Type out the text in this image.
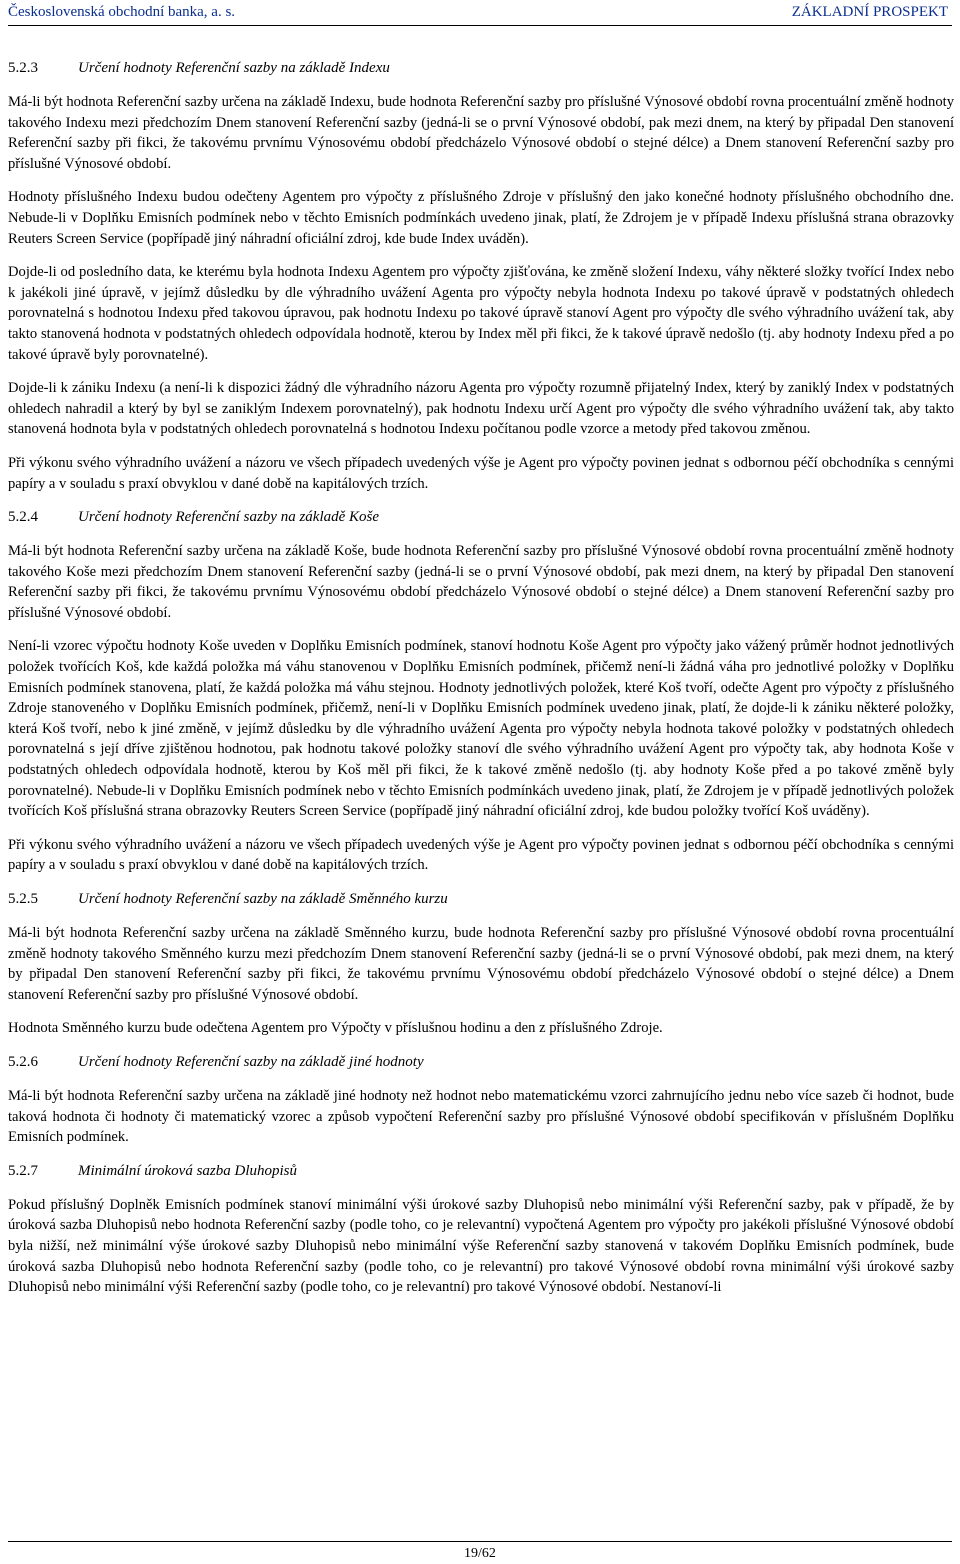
Československá obchodní banka, a. s.	ZÁKLADNÍ PROSPEKT
5.2.3	Určení hodnoty Referenční sazby na základě Indexu

Má-li být hodnota Referenční sazby určena na základě Indexu, bude hodnota Referenční sazby pro příslušné Výnosové období rovna procentuální změně hodnoty takového Indexu mezi předchozím Dnem stanovení Referenční sazby (jedná-li se o první Výnosové období, pak mezi dnem, na který by připadal Den stanovení Referenční sazby při fikci, že takovému prvnímu Výnosovému období předcházelo Výnosové období o stejné délce) a Dnem stanovení Referenční sazby pro příslušné Výnosové období.

Hodnoty příslušného Indexu budou odečteny Agentem pro výpočty z příslušného Zdroje v příslušný den jako konečné hodnoty příslušného obchodního dne. Nebude-li v Doplňku Emisních podmínek nebo v těchto Emisních podmínkách uvedeno jinak, platí, že Zdrojem je v případě Indexu příslušná strana obrazovky Reuters Screen Service (popřípadě jiný náhradní oficiální zdroj, kde bude Index uváděn).

Dojde-li od posledního data, ke kterému byla hodnota Indexu Agentem pro výpočty zjišťována, ke změně složení Indexu, váhy některé složky tvořící Index nebo k jakékoli jiné úpravě, v jejímž důsledku by dle výhradního uvážení Agenta pro výpočty nebyla hodnota Indexu po takové úpravě v podstatných ohledech porovnatelná s hodnotou Indexu před takovou úpravou, pak hodnotu Indexu po takové úpravě stanoví Agent pro výpočty dle svého výhradního uvážení tak, aby takto stanovená hodnota v podstatných ohledech odpovídala hodnotě, kterou by Index měl při fikci, že k takové úpravě nedošlo (tj. aby hodnoty Indexu před a po takové úpravě byly porovnatelné).

Dojde-li k zániku Indexu (a není-li k dispozici žádný dle výhradního názoru Agenta pro výpočty rozumně přijatelný Index, který by zaniklý Index v podstatných ohledech nahradil a který by byl se zaniklým Indexem porovnatelný), pak hodnotu Indexu určí Agent pro výpočty dle svého výhradního uvážení tak, aby takto stanovená hodnota byla v podstatných ohledech porovnatelná s hodnotou Indexu počítanou podle vzorce a metody před takovou změnou.

Při výkonu svého výhradního uvážení a názoru ve všech případech uvedených výše je Agent pro výpočty povinen jednat s odbornou péčí obchodníka s cennými papíry a v souladu s praxí obvyklou v dané době na kapitálových trzích.

5.2.4	Určení hodnoty Referenční sazby na základě Koše

Má-li být hodnota Referenční sazby určena na základě Koše, bude hodnota Referenční sazby pro příslušné Výnosové období rovna procentuální změně hodnoty takového Koše mezi předchozím Dnem stanovení Referenční sazby (jedná-li se o první Výnosové období, pak mezi dnem, na který by připadal Den stanovení Referenční sazby při fikci, že takovému prvnímu Výnosovému období předcházelo Výnosové období o stejné délce) a Dnem stanovení Referenční sazby pro příslušné Výnosové období.

Není-li vzorec výpočtu hodnoty Koše uveden v Doplňku Emisních podmínek, stanoví hodnotu Koše Agent pro výpočty jako vážený průměr hodnot jednotlivých položek tvořících Koš, kde každá položka má váhu stanovenou v Doplňku Emisních podmínek, přičemž není-li žádná váha pro jednotlivé položky v Doplňku Emisních podmínek stanovena, platí, že každá položka má váhu stejnou. Hodnoty jednotlivých položek, které Koš tvoří, odečte Agent pro výpočty z příslušného Zdroje stanoveného v Doplňku Emisních podmínek, přičemž, není-li v Doplňku Emisních podmínek uvedeno jinak, platí, že dojde-li k zániku některé položky, která Koš tvoří, nebo k jiné změně, v jejímž důsledku by dle výhradního uvážení Agenta pro výpočty nebyla hodnota takové položky v podstatných ohledech porovnatelná s její dříve zjištěnou hodnotou, pak hodnotu takové položky stanoví dle svého výhradního uvážení Agent pro výpočty tak, aby hodnota Koše v podstatných ohledech odpovídala hodnotě, kterou by Koš měl při fikci, že k takové změně nedošlo (tj. aby hodnoty Koše před a po takové změně byly porovnatelné). Nebude-li v Doplňku Emisních podmínek nebo v těchto Emisních podmínkách uvedeno jinak, platí, že Zdrojem je v případě jednotlivých položek tvořících Koš příslušná strana obrazovky Reuters Screen Service (popřípadě jiný náhradní oficiální zdroj, kde budou položky tvořící Koš uváděny).

Při výkonu svého výhradního uvážení a názoru ve všech případech uvedených výše je Agent pro výpočty povinen jednat s odbornou péčí obchodníka s cennými papíry a v souladu s praxí obvyklou v dané době na kapitálových trzích.

5.2.5	Určení hodnoty Referenční sazby na základě Směnného kurzu

Má-li být hodnota Referenční sazby určena na základě Směnného kurzu, bude hodnota Referenční sazby pro příslušné Výnosové období rovna procentuální změně hodnoty takového Směnného kurzu mezi předchozím Dnem stanovení Referenční sazby (jedná-li se o první Výnosové období, pak mezi dnem, na který by připadal Den stanovení Referenční sazby při fikci, že takovému prvnímu Výnosovému období předcházelo Výnosové období o stejné délce) a Dnem stanovení Referenční sazby pro příslušné Výnosové období.

Hodnota Směnného kurzu bude odečtena Agentem pro Výpočty v příslušnou hodinu a den z příslušného Zdroje.

5.2.6	Určení hodnoty Referenční sazby na základě jiné hodnoty

Má-li být hodnota Referenční sazby určena na základě jiné hodnoty než hodnot nebo matematickému vzorci zahrnujícího jednu nebo více sazeb či hodnot, bude taková hodnota či hodnoty či matematický vzorec a způsob vypočtení Referenční sazby pro příslušné Výnosové období specifikován v příslušném Doplňku Emisních podmínek.

5.2.7	Minimální úroková sazba Dluhopisů

Pokud příslušný Doplněk Emisních podmínek stanoví minimální výši úrokové sazby Dluhopisů nebo minimální výši Referenční sazby, pak v případě, že by úroková sazba Dluhopisů nebo hodnota Referenční sazby (podle toho, co je relevantní) vypočtená Agentem pro výpočty pro jakékoli příslušné Výnosové období byla nižší, než minimální výše úrokové sazby Dluhopisů nebo minimální výše Referenční sazby stanovená v takovém Doplňku Emisních podmínek, bude úroková sazba Dluhopisů nebo hodnota Referenční sazby (podle toho, co je relevantní) pro takové Výnosové období rovna minimální výši úrokové sazby Dluhopisů nebo minimální výši Referenční sazby (podle toho, co je relevantní) pro takové Výnosové období. Nestanoví-li

19/62
